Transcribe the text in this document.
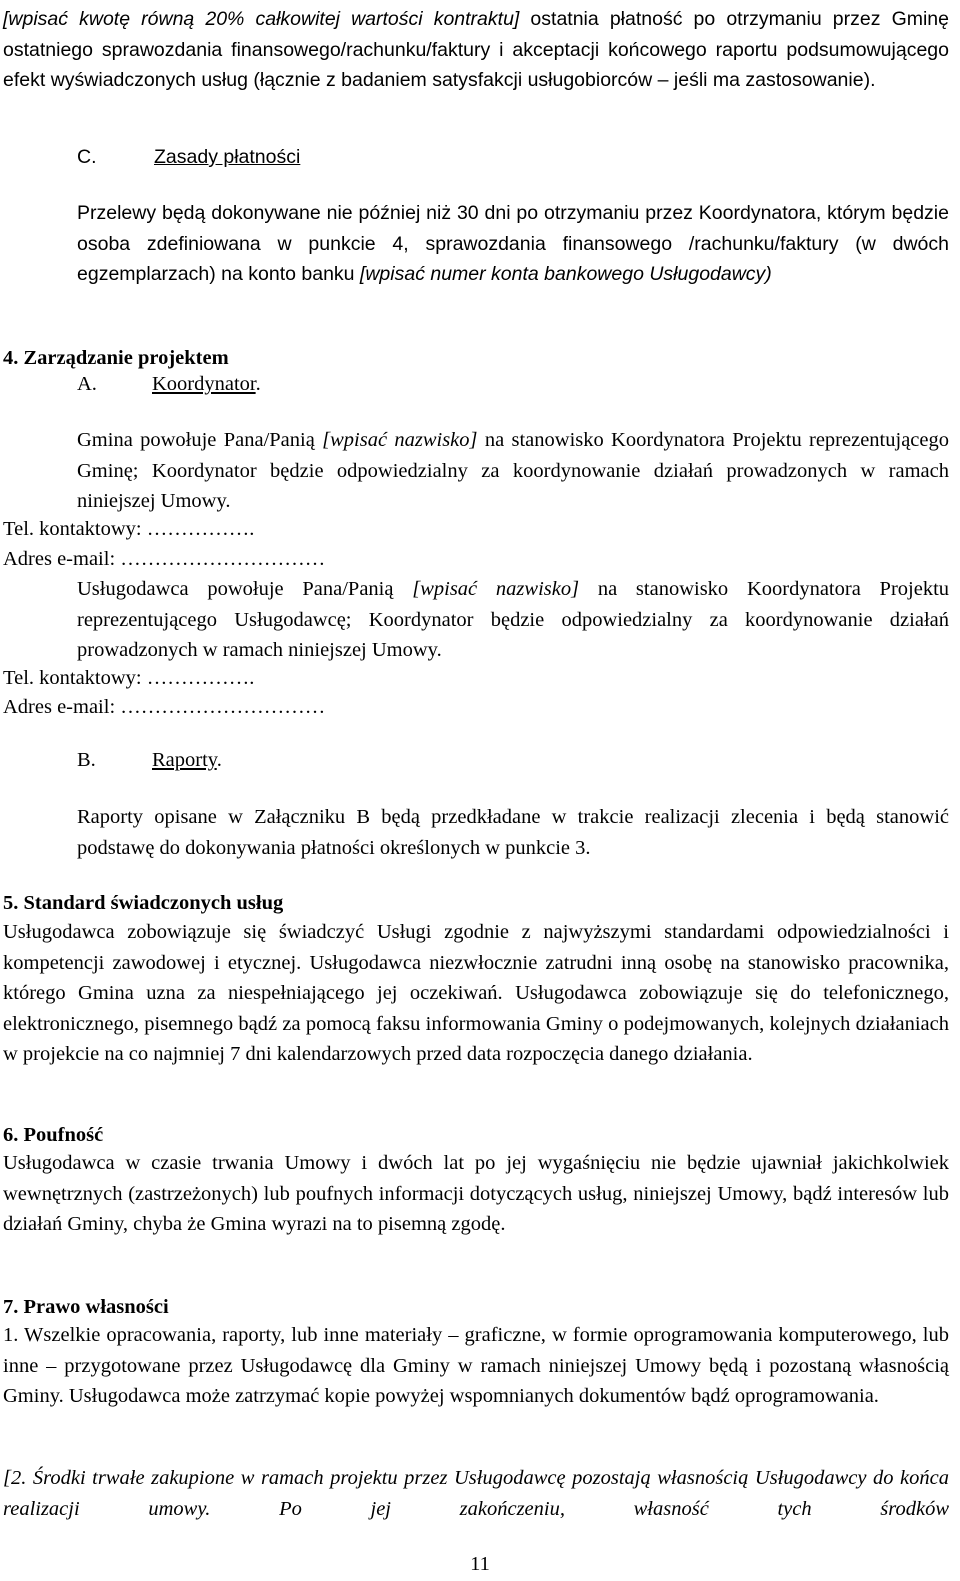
[wpisać kwotę równą 20% całkowitej wartości kontraktu] ostatnia płatność po otrzymaniu przez Gminę ostatniego sprawozdania finansowego/rachunku/faktury i akceptacji końcowego raportu podsumowującego efekt wyświadczonych usług (łącznie z badaniem satysfakcji usługobiorców – jeśli ma zastosowanie).

C.	Zasady płatności

Przelewy będą dokonywane nie później niż 30 dni po otrzymaniu przez Koordynatora, którym będzie osoba zdefiniowana w punkcie 4, sprawozdania finansowego /rachunku/faktury (w dwóch egzemplarzach) na konto banku [wpisać numer konta bankowego Usługodawcy)

4. Zarządzanie projektem
A.	Koordynator.

Gmina powołuje Pana/Panią [wpisać nazwisko] na stanowisko Koordynatora Projektu reprezentującego Gminę; Koordynator będzie odpowiedzialny za koordynowanie działań prowadzonych w ramach niniejszej Umowy.

Tel. kontaktowy: …………….
Adres e-mail: …………………………

Usługodawca powołuje Pana/Panią [wpisać nazwisko] na stanowisko Koordynatora Projektu reprezentującego Usługodawcę; Koordynator będzie odpowiedzialny za koordynowanie działań prowadzonych w ramach niniejszej Umowy.

Tel. kontaktowy: …………….
Adres e-mail: …………………………
B.	Raporty.

Raporty opisane w Załączniku B będą przedkładane w trakcie realizacji zlecenia i będą stanowić podstawę do dokonywania płatności określonych w punkcie 3.

5. Standard świadczonych usług

Usługodawca zobowiązuje się świadczyć Usługi zgodnie z najwyższymi standardami odpowiedzialności i kompetencji zawodowej i etycznej. Usługodawca niezwłocznie zatrudni inną osobę na stanowisko pracownika, którego Gmina uzna za niespełniającego jej oczekiwań. Usługodawca zobowiązuje się do telefonicznego, elektronicznego, pisemnego bądź za pomocą faksu informowania Gminy o podejmowanych, kolejnych działaniach w projekcie na co najmniej 7 dni kalendarzowych przed data rozpoczęcia danego działania.

6. Poufność

Usługodawca w czasie trwania Umowy i dwóch lat po jej wygaśnięciu nie będzie ujawniał jakichkolwiek wewnętrznych (zastrzeżonych) lub poufnych informacji dotyczących usług, niniejszej Umowy, bądź interesów lub działań Gminy, chyba że Gmina wyrazi na to pisemną zgodę.

7. Prawo własności

1. Wszelkie opracowania, raporty, lub inne materiały – graficzne, w formie oprogramowania komputerowego, lub inne – przygotowane przez Usługodawcę dla Gminy w ramach niniejszej Umowy będą i pozostaną własnością Gminy. Usługodawca może zatrzymać kopie powyżej wspomnianych dokumentów bądź oprogramowania.

[2. Środki trwałe zakupione w ramach projektu przez Usługodawcę pozostają własnością Usługodawcy do końca realizacji umowy. Po jej zakończeniu, własność tych środków

11
